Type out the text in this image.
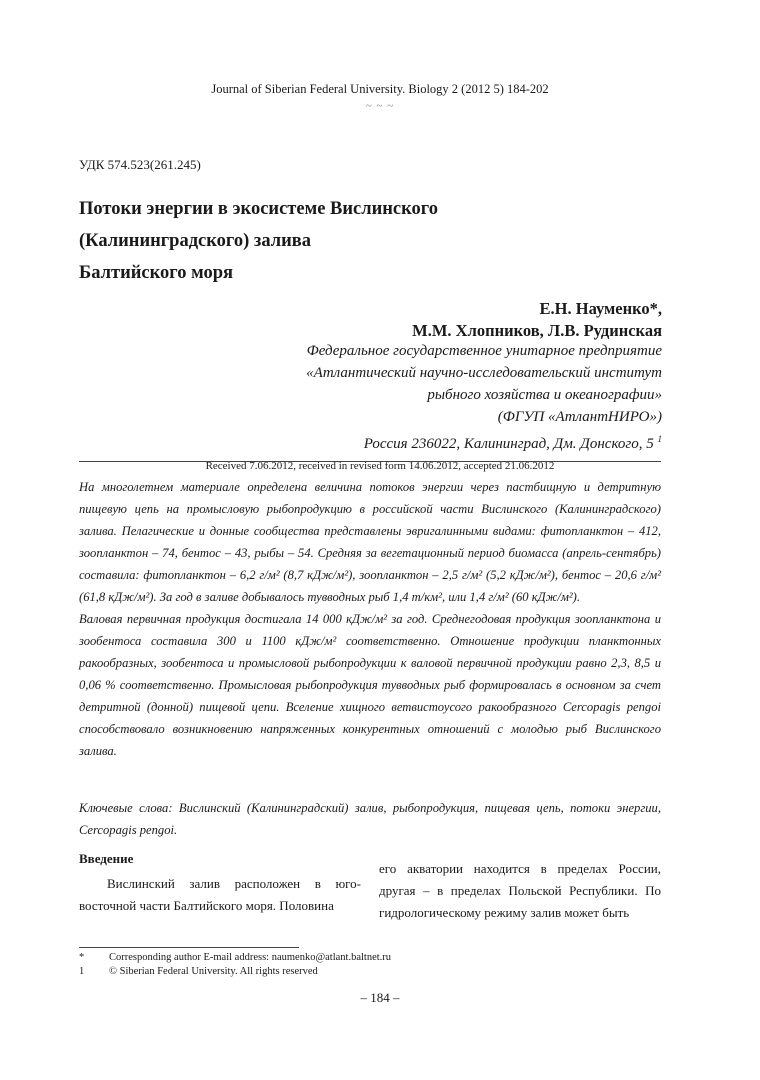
Journal of Siberian Federal University. Biology 2 (2012 5) 184-202
~ ~ ~
УДК 574.523(261.245)
Потоки энергии в экосистеме Вислинского
(Калининградского) залива
Балтийского моря
Е.Н. Науменко*,
М.М. Хлопников, Л.В. Рудинская
Федеральное государственное унитарное предприятие
«Атлантический научно-исследовательский институт
рыбного хозяйства и океанографии»
(ФГУП «АтлантНИРО»)
Россия 236022, Калининград, Дм. Донского, 5 $^1$
Received 7.06.2012, received in revised form 14.06.2012, accepted 21.06.2012

На многолетнем материале определена величина потоков энергии через пастбищную и детритную пищевую цепь на промысловую рыбопродукцию в российской части Вислинского (Калининградского) залива. Пелагические и донные сообщества представлены эвригалинными видами: фитопланктон – 412, зоопланктон – 74, бентос – 43, рыбы – 54. Средняя за вегетационный период биомасса (апрель-сентябрь) составила: фитопланктон – 6,2 г/м² (8,7 кДж/м²), зоопланктон – 2,5 г/м² (5,2 кДж/м²), бентос – 20,6 г/м² (61,8 кДж/м²). За год в заливе добывалось тувводных рыб 1,4 т/км², или 1,4 г/м² (60 кДж/м²).

Валовая первичная продукция достигала 14 000 кДж/м² за год. Среднегодовая продукция зоопланктона и зообентоса составила 300 и 1100 кДж/м² соответственно. Отношение продукции планктонных ракообразных, зообентоса и промысловой рыбопродукции к валовой первичной продукции равно 2,3, 8,5 и 0,06 % соответственно. Промысловая рыбопродукция тувводных рыб формировалась в основном за счет детритной (донной) пищевой цепи. Вселение хищного ветвистоусого ракообразного Cercopagis pengoi способствовало возникновению напряженных конкурентных отношений с молодью рыб Вислинского залива.

Ключевые слова: Вислинский (Калининградский) залив, рыбопродукция, пищевая цепь, потоки энергии, Cercopagis pengoi.
Введение
Вислинский залив расположен в юго-восточной части Балтийского моря. Половина
его акватории находится в пределах России, другая – в пределах Польской Республики. По гидрологическому режиму залив может быть
* Corresponding author E-mail address: naumenko@atlant.baltnet.ru
1 © Siberian Federal University. All rights reserved
– 184 –
